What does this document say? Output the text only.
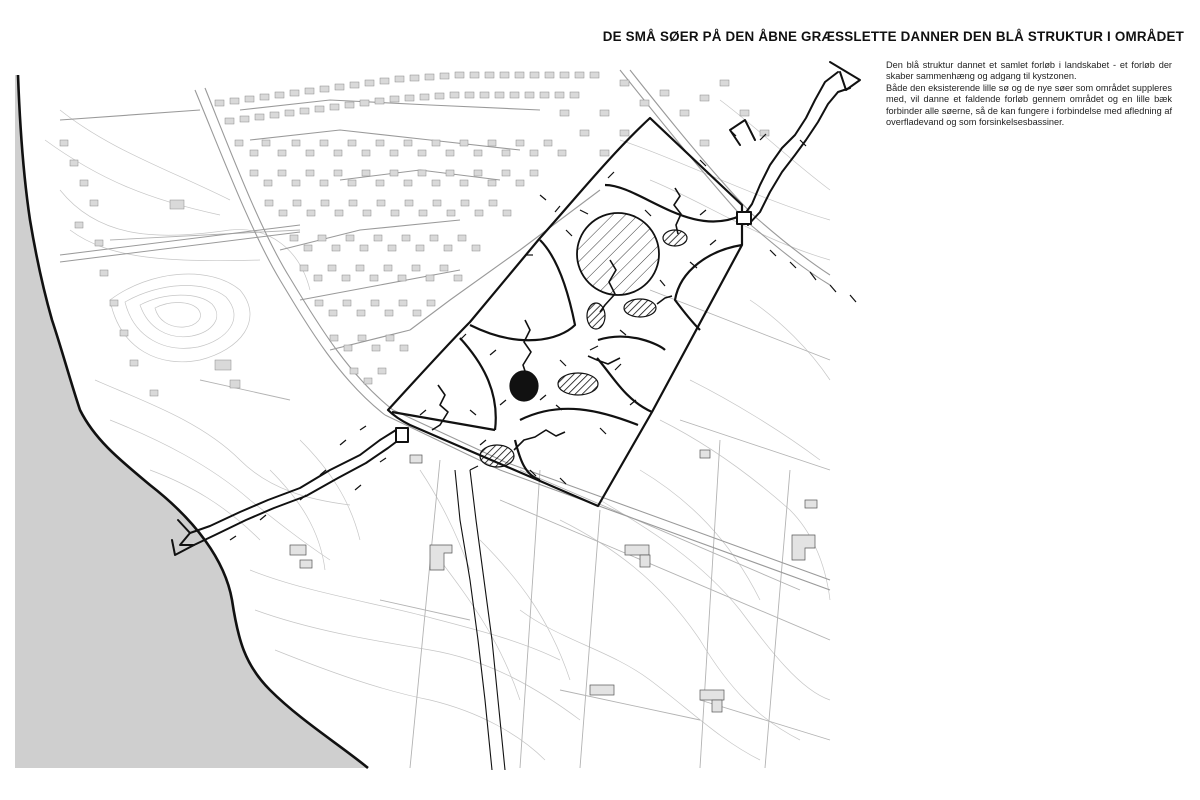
DE SMÅ SØER PÅ DEN ÅBNE GRÆSSLETTE DANNER DEN BLÅ STRUKTUR I OMRÅDET

Den blå struktur dannet et samlet forløb i landskabet - et forløb der skaber sammenhæng og adgang til kystzonen.

Både den eksisterende lille sø og de nye søer som området suppleres med, vil danne et faldende forløb gennem området og en lille bæk forbinder alle søerne, så de kan fungere i forbindelse med afledning af overfladevand og som forsinkelsesbassiner.
